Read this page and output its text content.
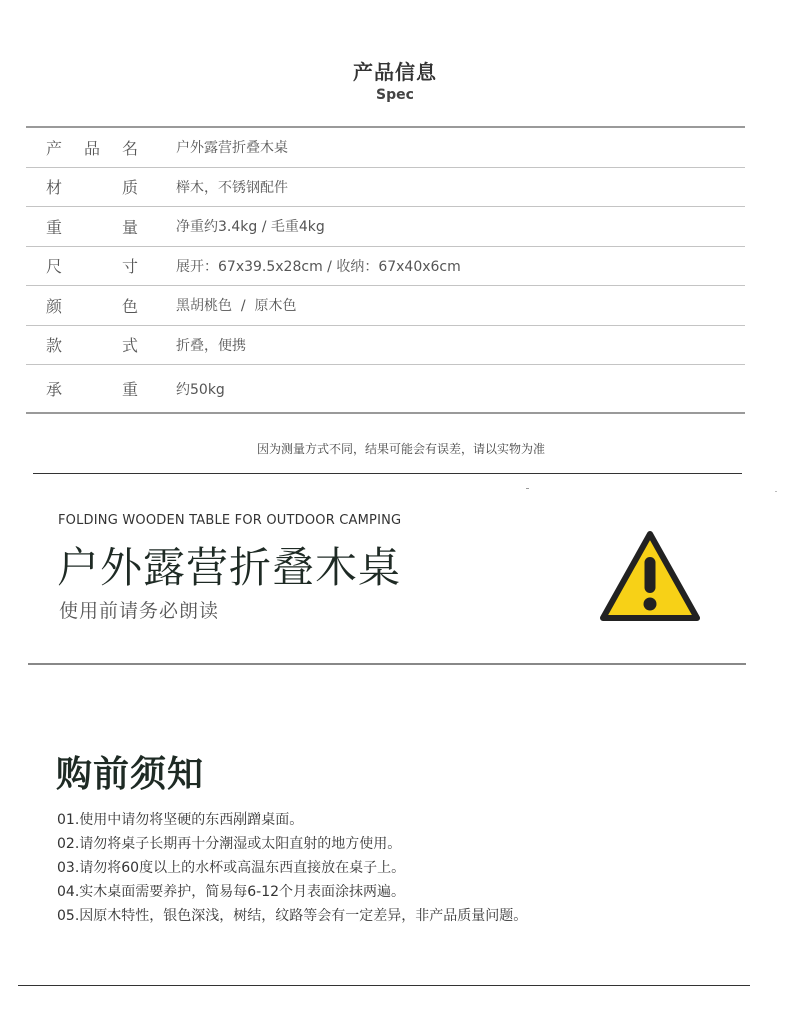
产品信息
Spec
产 品 名	户外露营折叠木桌
材	质	榉木，不锈钢配件
重	量	净重约3.4kg / 毛重4kg
尺	寸	展开：67x39.5x28cm / 收纳：67x40x6cm
颜	色	黑胡桃色  /  原木色
款	式	折叠，便携
承	重	约50kg
因为测量方式不同，结果可能会有误差，请以实物为准
FOLDING WOODEN TABLE FOR OUTDOOR CAMPING
户外露营折叠木桌
使用前请务必朗读
购前须知
01.使用中请勿将坚硬的东西剐蹭桌面。
02.请勿将桌子长期再十分潮湿或太阳直射的地方使用。
03.请勿将60度以上的水杯或高温东西直接放在桌子上。
04.实木桌面需要养护，简易每6-12个月表面涂抹两遍。
05.因原木特性，银色深浅，树结，纹路等会有一定差异，非产品质量问题。
